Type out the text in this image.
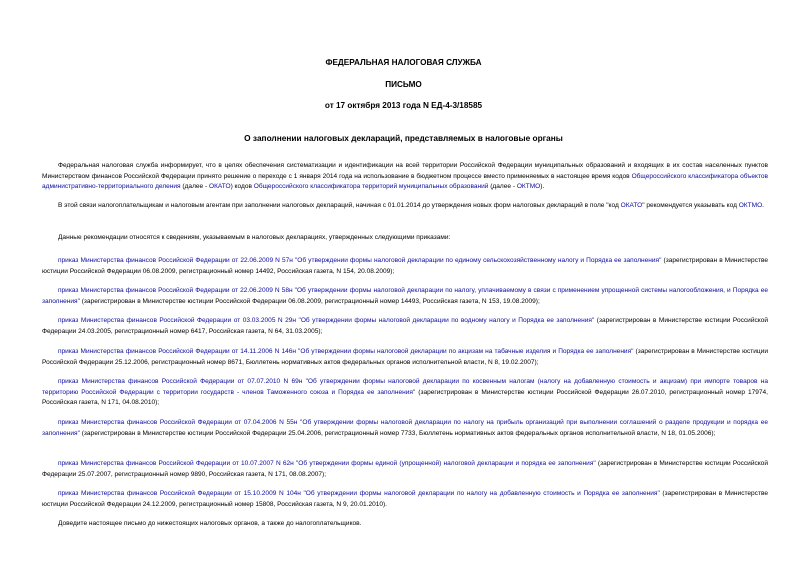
ФЕДЕРАЛЬНАЯ НАЛОГОВАЯ СЛУЖБА
ПИСЬМО
от 17 октября 2013 года N ЕД-4-3/18585
О заполнении налоговых деклараций, представляемых в налоговые органы

Федеральная налоговая служба информирует, что в целях обеспечения систематизации и идентификации на всей территории Российской Федерации муниципальных образований и входящих в их состав населенных пунктов Министерством финансов Российской Федерации принято решение о переходе с 1 января 2014 года на использование в бюджетном процессе вместо применяемых в настоящее время кодов Общероссийского классификатора объектов административно-территориального деления (далее - ОКАТО) кодов Общероссийского классификатора территорий муниципальных образований (далее - ОКТМО).

В этой связи налогоплательщикам и налоговым агентам при заполнении налоговых деклараций, начиная с 01.01.2014 до утверждения новых форм налоговых деклараций в поле "код ОКАТО" рекомендуется указывать код ОКТМО.

Данные рекомендации относятся к сведениям, указываемым в налоговых декларациях, утвержденных следующими приказами:

приказ Министерства финансов Российской Федерации от 22.06.2009 N 57н "Об утверждении формы налоговой декларации по единому сельскохозяйственному налогу и Порядка ее заполнения" (зарегистрирован в Министерстве юстиции Российской Федерации 06.08.2009, регистрационный номер 14492, Российская газета, N 154, 20.08.2009);

приказ Министерства финансов Российской Федерации от 22.06.2009 N 58н "Об утверждении формы налоговой декларации по налогу, уплачиваемому в связи с применением упрощенной системы налогообложения, и Порядка ее заполнения" (зарегистрирован в Министерстве юстиции Российской Федерации 06.08.2009, регистрационный номер 14493, Российская газета, N 153, 19.08.2009);

приказ Министерства финансов Российской Федерации от 03.03.2005 N 29н "Об утверждении формы налоговой декларации по водному налогу и Порядка ее заполнения" (зарегистрирован в Министерстве юстиции Российской Федерации 24.03.2005, регистрационный номер 6417, Российская газета, N 64, 31.03.2005);

приказ Министерства финансов Российской Федерации от 14.11.2006 N 146н "Об утверждении формы налоговой декларации по акцизам на табачные изделия и Порядка ее заполнения" (зарегистрирован в Министерстве юстиции Российской Федерации 25.12.2006, регистрационный номер 8671, Бюллетень нормативных актов федеральных органов исполнительной власти, N 8, 19.02.2007);

приказ Министерства финансов Российской Федерации от 07.07.2010 N 69н "Об утверждении формы налоговой декларации по косвенным налогам (налогу на добавленную стоимость и акцизам) при импорте товаров на территорию Российской Федерации с территории государств - членов Таможенного союза и Порядка ее заполнения" (зарегистрирован в Министерстве юстиции Российской Федерации 26.07.2010, регистрационный номер 17974, Российская газета, N 171, 04.08.2010);

приказ Министерства финансов Российской Федерации от 07.04.2006 N 55н "Об утверждении формы налоговой декларации по налогу на прибыль организаций при выполнении соглашений о разделе продукции и порядка ее заполнения" (зарегистрирован в Министерстве юстиции Российской Федерации 25.04.2006, регистрационный номер 7733, Бюллетень нормативных актов федеральных органов исполнительной власти, N 18, 01.05.2006);

приказ Министерства финансов Российской Федерации от 10.07.2007 N 62н "Об утверждении формы единой (упрощенной) налоговой декларации и порядка ее заполнения" (зарегистрирован в Министерстве юстиции Российской Федерации 25.07.2007, регистрационный номер 9890, Российская газета, N 171, 08.08.2007);

приказ Министерства финансов Российской Федерации от 15.10.2009 N 104н "Об утверждении формы налоговой декларации по налогу на добавленную стоимость и Порядка ее заполнения" (зарегистрирован в Министерстве юстиции Российской Федерации 24.12.2009, регистрационный номер 15808, Российская газета, N 9, 20.01.2010).

Доведите настоящее письмо до нижестоящих налоговых органов, а также до налогоплательщиков.
